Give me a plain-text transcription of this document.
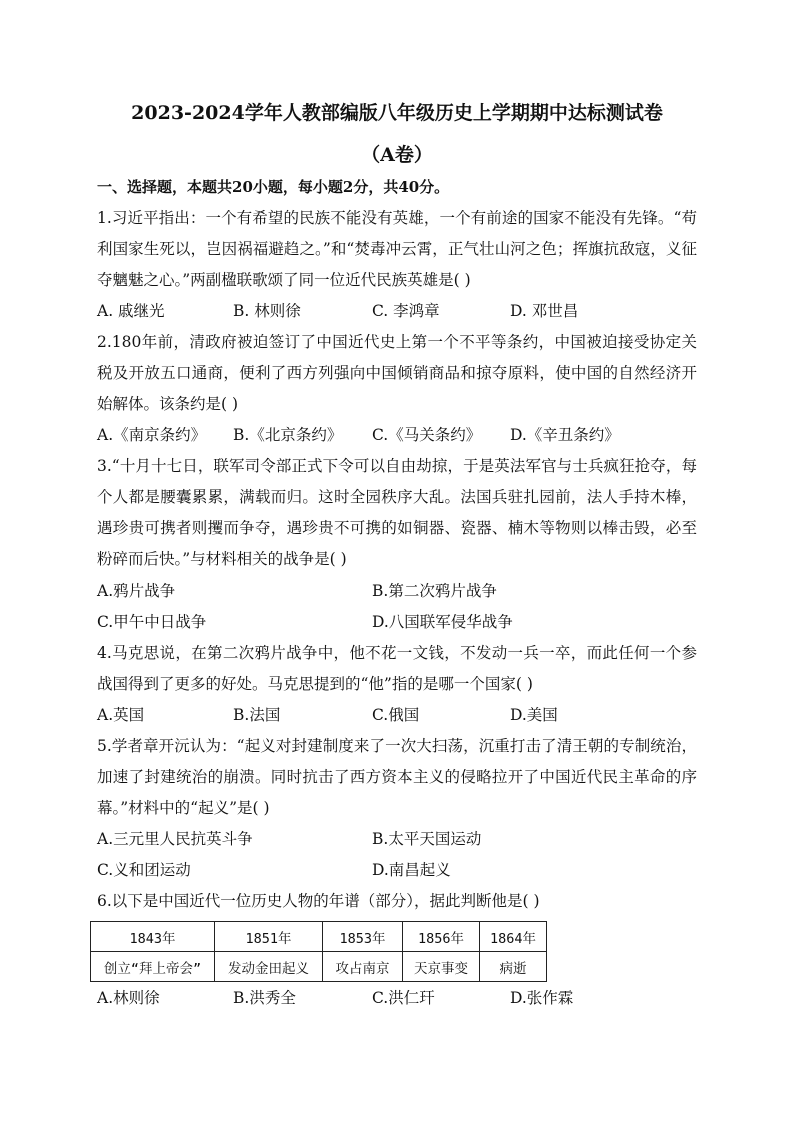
2023-2024学年人教部编版八年级历史上学期期中达标测试卷
（A卷）
一、选择题，本题共20小题，每小题2分，共40分。
1.习近平指出：一个有希望的民族不能没有英雄，一个有前途的国家不能没有先锋。“苟利国家生死以，岂因祸福避趋之。”和“焚毒冲云霄，正气壮山河之色；挥旗抗敌寇，义征夺魑魅之心。”两副楹联歌颂了同一位近代民族英雄是( )
A. 戚继光	B. 林则徐	C. 李鸿章	D. 邓世昌
2.180年前，清政府被迫签订了中国近代史上第一个不平等条约，中国被迫接受协定关税及开放五口通商，便利了西方列强向中国倾销商品和掠夺原料，使中国的自然经济开始解体。该条约是( )
A.《南京条约》 B.《北京条约》 C.《马关条约》 D.《辛丑条约》
3.“十月十七日，联军司令部正式下令可以自由劫掠，于是英法军官与士兵疯狂抢夺，每个人都是腰囊累累，满载而归。这时全园秩序大乱。法国兵驻扎园前，法人手持木棒，遇珍贵可携者则攫而争夺，遇珍贵不可携的如铜器、瓷器、楠木等物则以棒击毁，必至粉碎而后快。”与材料相关的战争是( )
A.鸦片战争	B.第二次鸦片战争
C.甲午中日战争	D.八国联军侵华战争
4.马克思说，在第二次鸦片战争中，他不花一文钱，不发动一兵一卒，而此任何一个参战国得到了更多的好处。马克思提到的“他”指的是哪一个国家( )
A.英国	B.法国	C.俄国	D.美国
5.学者章开沅认为：“起义对封建制度来了一次大扫荡，沉重打击了清王朝的专制统治，加速了封建统治的崩溃。同时抗击了西方资本主义的侵略拉开了中国近代民主革命的序幕。”材料中的“起义”是( )
A.三元里人民抗英斗争	B.太平天国运动
C.义和团运动	D.南昌起义
6.以下是中国近代一位历史人物的年谱（部分），据此判断他是( )
1843年	1851年	1853年	1856年	1864年
创立“拜上帝会”	发动金田起义	攻占南京	天京事变	病逝
A.林则徐	B.洪秀全	C.洪仁玕	D.张作霖
